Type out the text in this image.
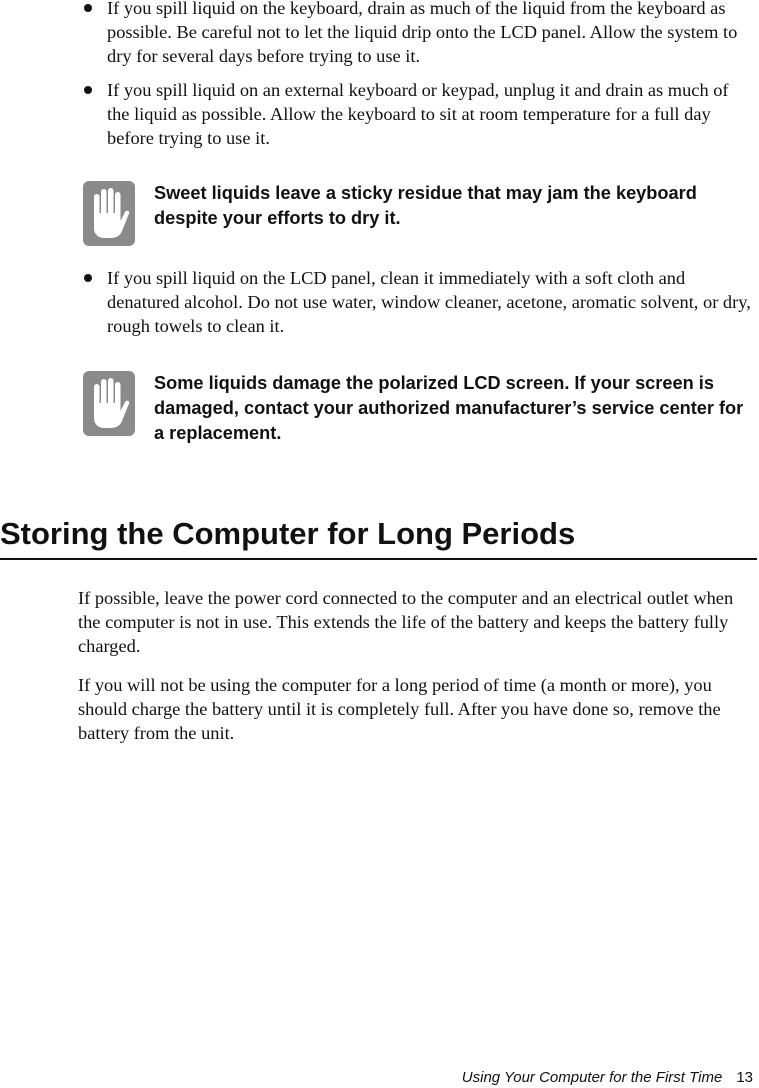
If you spill liquid on the keyboard, drain as much of the liquid from the keyboard as possible. Be careful not to let the liquid drip onto the LCD panel. Allow the system to dry for several days before trying to use it.

If you spill liquid on an external keyboard or keypad, unplug it and drain as much of the liquid as possible. Allow the keyboard to sit at room temperature for a full day before trying to use it.

Sweet liquids leave a sticky residue that may jam the keyboard despite your efforts to dry it.

If you spill liquid on the LCD panel, clean it immediately with a soft cloth and denatured alcohol. Do not use water, window cleaner, acetone, aromatic solvent, or dry, rough towels to clean it.

Some liquids damage the polarized LCD screen. If your screen is damaged, contact your authorized manufacturer’s service center for a replacement.

Storing the Computer for Long Periods

If possible, leave the power cord connected to the computer and an electrical outlet when the computer is not in use. This extends the life of the battery and keeps the battery fully charged.

If you will not be using the computer for a long period of time (a month or more), you should charge the battery until it is completely full. After you have done so, remove the battery from the unit.

Using Your Computer for the First Time 13
